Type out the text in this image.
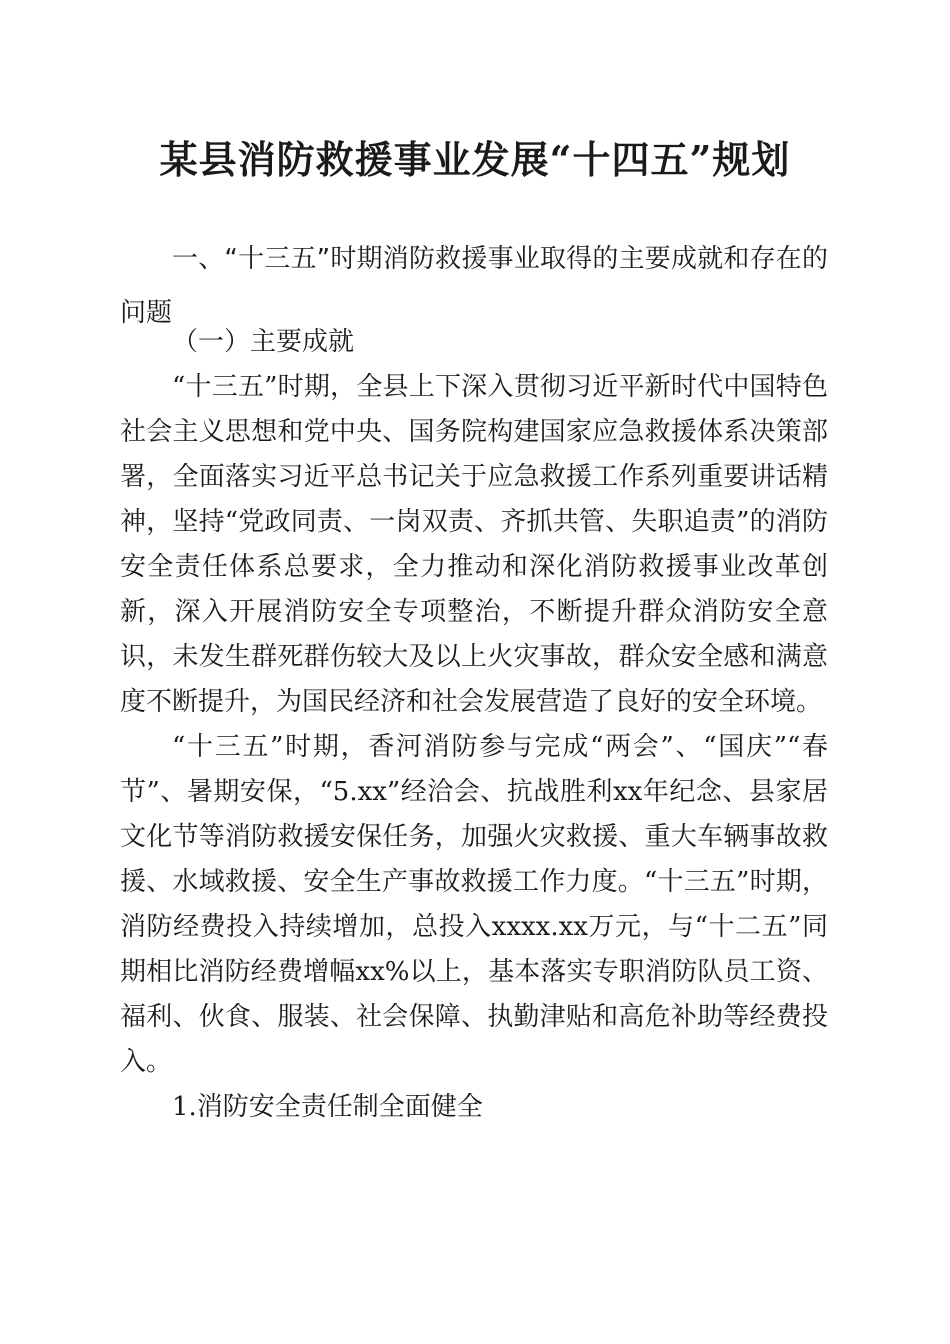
某县消防救援事业发展“十四五”规划
一、“十三五”时期消防救援事业取得的主要成就和存在的问题
（一）主要成就
“十三五”时期，全县上下深入贯彻习近平新时代中国特色社会主义思想和党中央、国务院构建国家应急救援体系决策部署，全面落实习近平总书记关于应急救援工作系列重要讲话精神，坚持“党政同责、一岗双责、齐抓共管、失职追责”的消防安全责任体系总要求，全力推动和深化消防救援事业改革创新，深入开展消防安全专项整治，不断提升群众消防安全意识，未发生群死群伤较大及以上火灾事故，群众安全感和满意度不断提升，为国民经济和社会发展营造了良好的安全环境。
“十三五”时期，香河消防参与完成“两会”、“国庆”“春节”、暑期安保，“5.xx”经洽会、抗战胜利xx年纪念、县家居文化节等消防救援安保任务，加强火灾救援、重大车辆事故救援、水域救援、安全生产事故救援工作力度。“十三五”时期，消防经费投入持续增加，总投入xxxx.xx万元，与“十二五”同期相比消防经费增幅xx%以上，基本落实专职消防队员工资、福利、伙食、服装、社会保障、执勤津贴和高危补助等经费投入。
1.消防安全责任制全面健全
